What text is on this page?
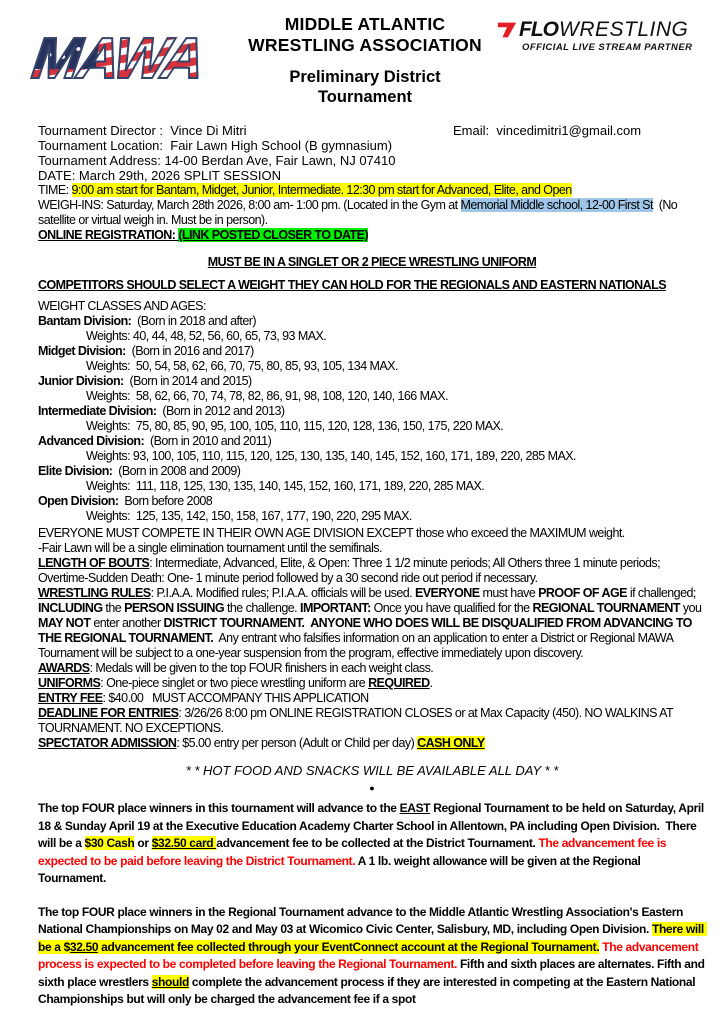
MAWA
MIDDLE ATLANTIC
WRESTLING ASSOCIATION
Preliminary District
Tournament
FLO WRESTLING
OFFICIAL LIVE STREAM PARTNER
Tournament Director :  Vince Di Mitri	Email:  vincedimitri1@gmail.com
Tournament Location:  Fair Lawn High School (B gymnasium)
Tournament Address: 14-00 Berdan Ave, Fair Lawn, NJ 07410
DATE: March 29th, 2026 SPLIT SESSION
TIME: 9:00 am start for Bantam, Midget, Junior, Intermediate. 12:30 pm start for Advanced, Elite, and Open
WEIGH-INS: Saturday, March 28th 2026, 8:00 am- 1:00 pm. (Located in the Gym at Memorial Middle school, 12-00 First St  (No satellite or virtual weigh in. Must be in person).
ONLINE REGISTRATION: (LINK POSTED CLOSER TO DATE)
MUST BE IN A SINGLET OR 2 PIECE WRESTLING UNIFORM
COMPETITORS SHOULD SELECT A WEIGHT THEY CAN HOLD FOR THE REGIONALS AND EASTERN NATIONALS
WEIGHT CLASSES AND AGES:
Bantam Division:  (Born in 2018 and after)
Weights: 40, 44, 48, 52, 56, 60, 65, 73, 93 MAX.
Midget Division:  (Born in 2016 and 2017)
Weights:  50, 54, 58, 62, 66, 70, 75, 80, 85, 93, 105, 134 MAX.
Junior Division:  (Born in 2014 and 2015)
Weights:  58, 62, 66, 70, 74, 78, 82, 86, 91, 98, 108, 120, 140, 166 MAX.
Intermediate Division:  (Born in 2012 and 2013)
Weights:  75, 80, 85, 90, 95, 100, 105, 110, 115, 120, 128, 136, 150, 175, 220 MAX.
Advanced Division:  (Born in 2010 and 2011)
Weights: 93, 100, 105, 110, 115, 120, 125, 130, 135, 140, 145, 152, 160, 171, 189, 220, 285 MAX.
Elite Division:  (Born in 2008 and 2009)
Weights:  111, 118, 125, 130, 135, 140, 145, 152, 160, 171, 189, 220, 285 MAX.
Open Division:  Born before 2008
Weights:  125, 135, 142, 150, 158, 167, 177, 190, 220, 295 MAX.
EVERYONE MUST COMPETE IN THEIR OWN AGE DIVISION EXCEPT those who exceed the MAXIMUM weight.
-Fair Lawn will be a single elimination tournament until the semifinals.
LENGTH OF BOUTS: Intermediate, Advanced, Elite, & Open: Three 1 1/2 minute periods; All Others three 1 minute periods; Overtime-Sudden Death: One- 1 minute period followed by a 30 second ride out period if necessary.
WRESTLING RULES: P.I.A.A. Modified rules; P.I.A.A. officials will be used. EVERYONE must have PROOF OF AGE if challenged; INCLUDING the PERSON ISSUING the challenge. IMPORTANT: Once you have qualified for the REGIONAL TOURNAMENT you MAY NOT enter another DISTRICT TOURNAMENT. ANYONE WHO DOES WILL BE DISQUALIFIED FROM ADVANCING TO THE REGIONAL TOURNAMENT.  Any entrant who falsifies information on an application to enter a District or Regional MAWA Tournament will be subject to a one-year suspension from the program, effective immediately upon discovery.
AWARDS: Medals will be given to the top FOUR finishers in each weight class.
UNIFORMS: One-piece singlet or two piece wrestling uniform are REQUIRED.
ENTRY FEE: $40.00   MUST ACCOMPANY THIS APPLICATION
DEADLINE FOR ENTRIES: 3/26/26 8:00 pm ONLINE REGISTRATION CLOSES or at Max Capacity (450). NO WALKINS AT TOURNAMENT. NO EXCEPTIONS.
SPECTATOR ADMISSION: $5.00 entry per person (Adult or Child per day) CASH ONLY
* * HOT FOOD AND SNACKS WILL BE AVAILABLE ALL DAY * *
●
The top FOUR place winners in this tournament will advance to the EAST Regional Tournament to be held on Saturday, April 18 & Sunday April 19 at the Executive Education Academy Charter School in Allentown, PA including Open Division.  There will be a $30 Cash or $32.50 card advancement fee to be collected at the District Tournament. The advancement fee is expected to be paid before leaving the District Tournament. A 1 lb. weight allowance will be given at the Regional Tournament.
The top FOUR place winners in the Regional Tournament advance to the Middle Atlantic Wrestling Association's Eastern National Championships on May 02 and May 03 at Wicomico Civic Center, Salisbury, MD, including Open Division. There will be a $32.50 advancement fee collected through your EventConnect account at the Regional Tournament. The advancement process is expected to be completed before leaving the Regional Tournament. Fifth and sixth places are alternates. Fifth and sixth place wrestlers should complete the advancement process if they are interested in competing at the Eastern National Championships but will only be charged the advancement fee if a spot
